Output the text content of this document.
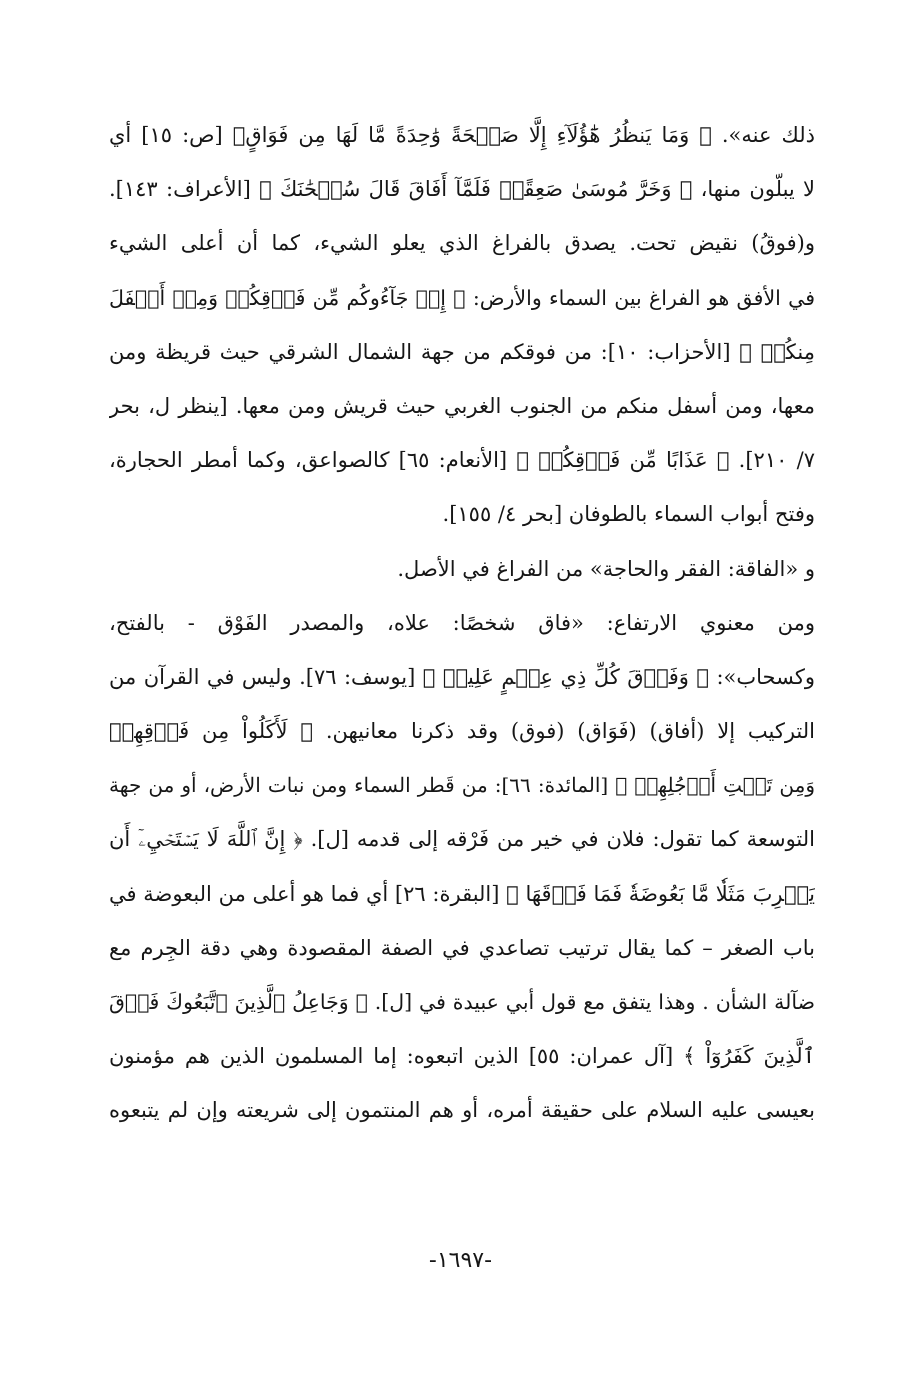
ذلك عنه». ﴿ وَمَا يَنظُرُ هَٰٓؤُلَآءِ إِلَّا صَيۡحَةً وَٰحِدَةً مَّا لَهَا مِن فَوَاقٍ﴾ [ص: ١٥] أي
لا يبلّون منها، ﴿ وَخَرَّ مُوسَىٰ صَعِقًاۚ فَلَمَّآ أَفَاقَ قَالَ سُبۡحَٰنَكَ ﴾ [الأعراف: ١٤٣].
و(فوقُ) نقيض تحت. يصدق بالفراغ الذي يعلو الشيء، كما أن أعلى الشيء
في الأفق هو الفراغ بين السماء والأرض: ﴿ إِذۡ جَآءُوكُم مِّن فَوۡقِكُمۡ وَمِنۡ أَسۡفَلَ
مِنكُمۡ ﴾ [الأحزاب: ١٠]: من فوقكم من جهة الشمال الشرقي حيث قريظة ومن
معها، ومن أسفل منكم من الجنوب الغربي حيث قريش ومن معها. [ينظر ل، بحر
٧/ ٢١٠]. ﴿ عَذَابًا مِّن فَوۡقِكُمۡ ﴾ [الأنعام: ٦٥] كالصواعق، وكما أمطر الحجارة،
وفتح أبواب السماء بالطوفان [بحر ٤/ ١٥٥].
و «الفاقة: الفقر والحاجة» من الفراغ في الأصل.
ومن معنوي الارتفاع: «فاق شخصًا: علاه، والمصدر الفَوْق - بالفتح،
وكسحاب»: ﴿ وَفَوۡقَ كُلِّ ذِي عِلۡمٍ عَلِيمٞ ﴾ [يوسف: ٧٦]. وليس في القرآن من
التركيب إلا (أفاق) (فَوَاق) (فوق) وقد ذكرنا معانيهن. ﴿ لَأَكَلُواْ مِن فَوۡقِهِمۡ
وَمِن تَحۡتِ أَرۡجُلِهِمۚ ﴾ [المائدة: ٦٦]: من قَطر السماء ومن نبات الأرض، أو من جهة
التوسعة كما تقول: فلان في خير من فَرْقه إلى قدمه [ل]. ﴿ إِنَّ ٱللَّهَ لَا يَسۡتَحۡيِۦٓ أَن
يَضۡرِبَ مَثَلٗا مَّا بَعُوضَةٗ فَمَا فَوۡقَهَا ﴾ [البقرة: ٢٦] أي فما هو أعلى من البعوضة في
باب الصغر – كما يقال ترتيب تصاعدي في الصفة المقصودة وهي دقة الجِرم مع
ضآلة الشأن . وهذا يتفق مع قول أبي عبيدة في [ل]. ﴿ وَجَاعِلُ ٱلَّذِينَ ٱتَّبَعُوكَ فَوۡقَ
ٱلَّذِينَ كَفَرُوٓاْ ﴾ [آل عمران: ٥٥] الذين اتبعوه: إما المسلمون الذين هم مؤمنون
بعيسى عليه السلام على حقيقة أمره، أو هم المنتمون إلى شريعته وإن لم يتبعوه
-١٦٩٧-
